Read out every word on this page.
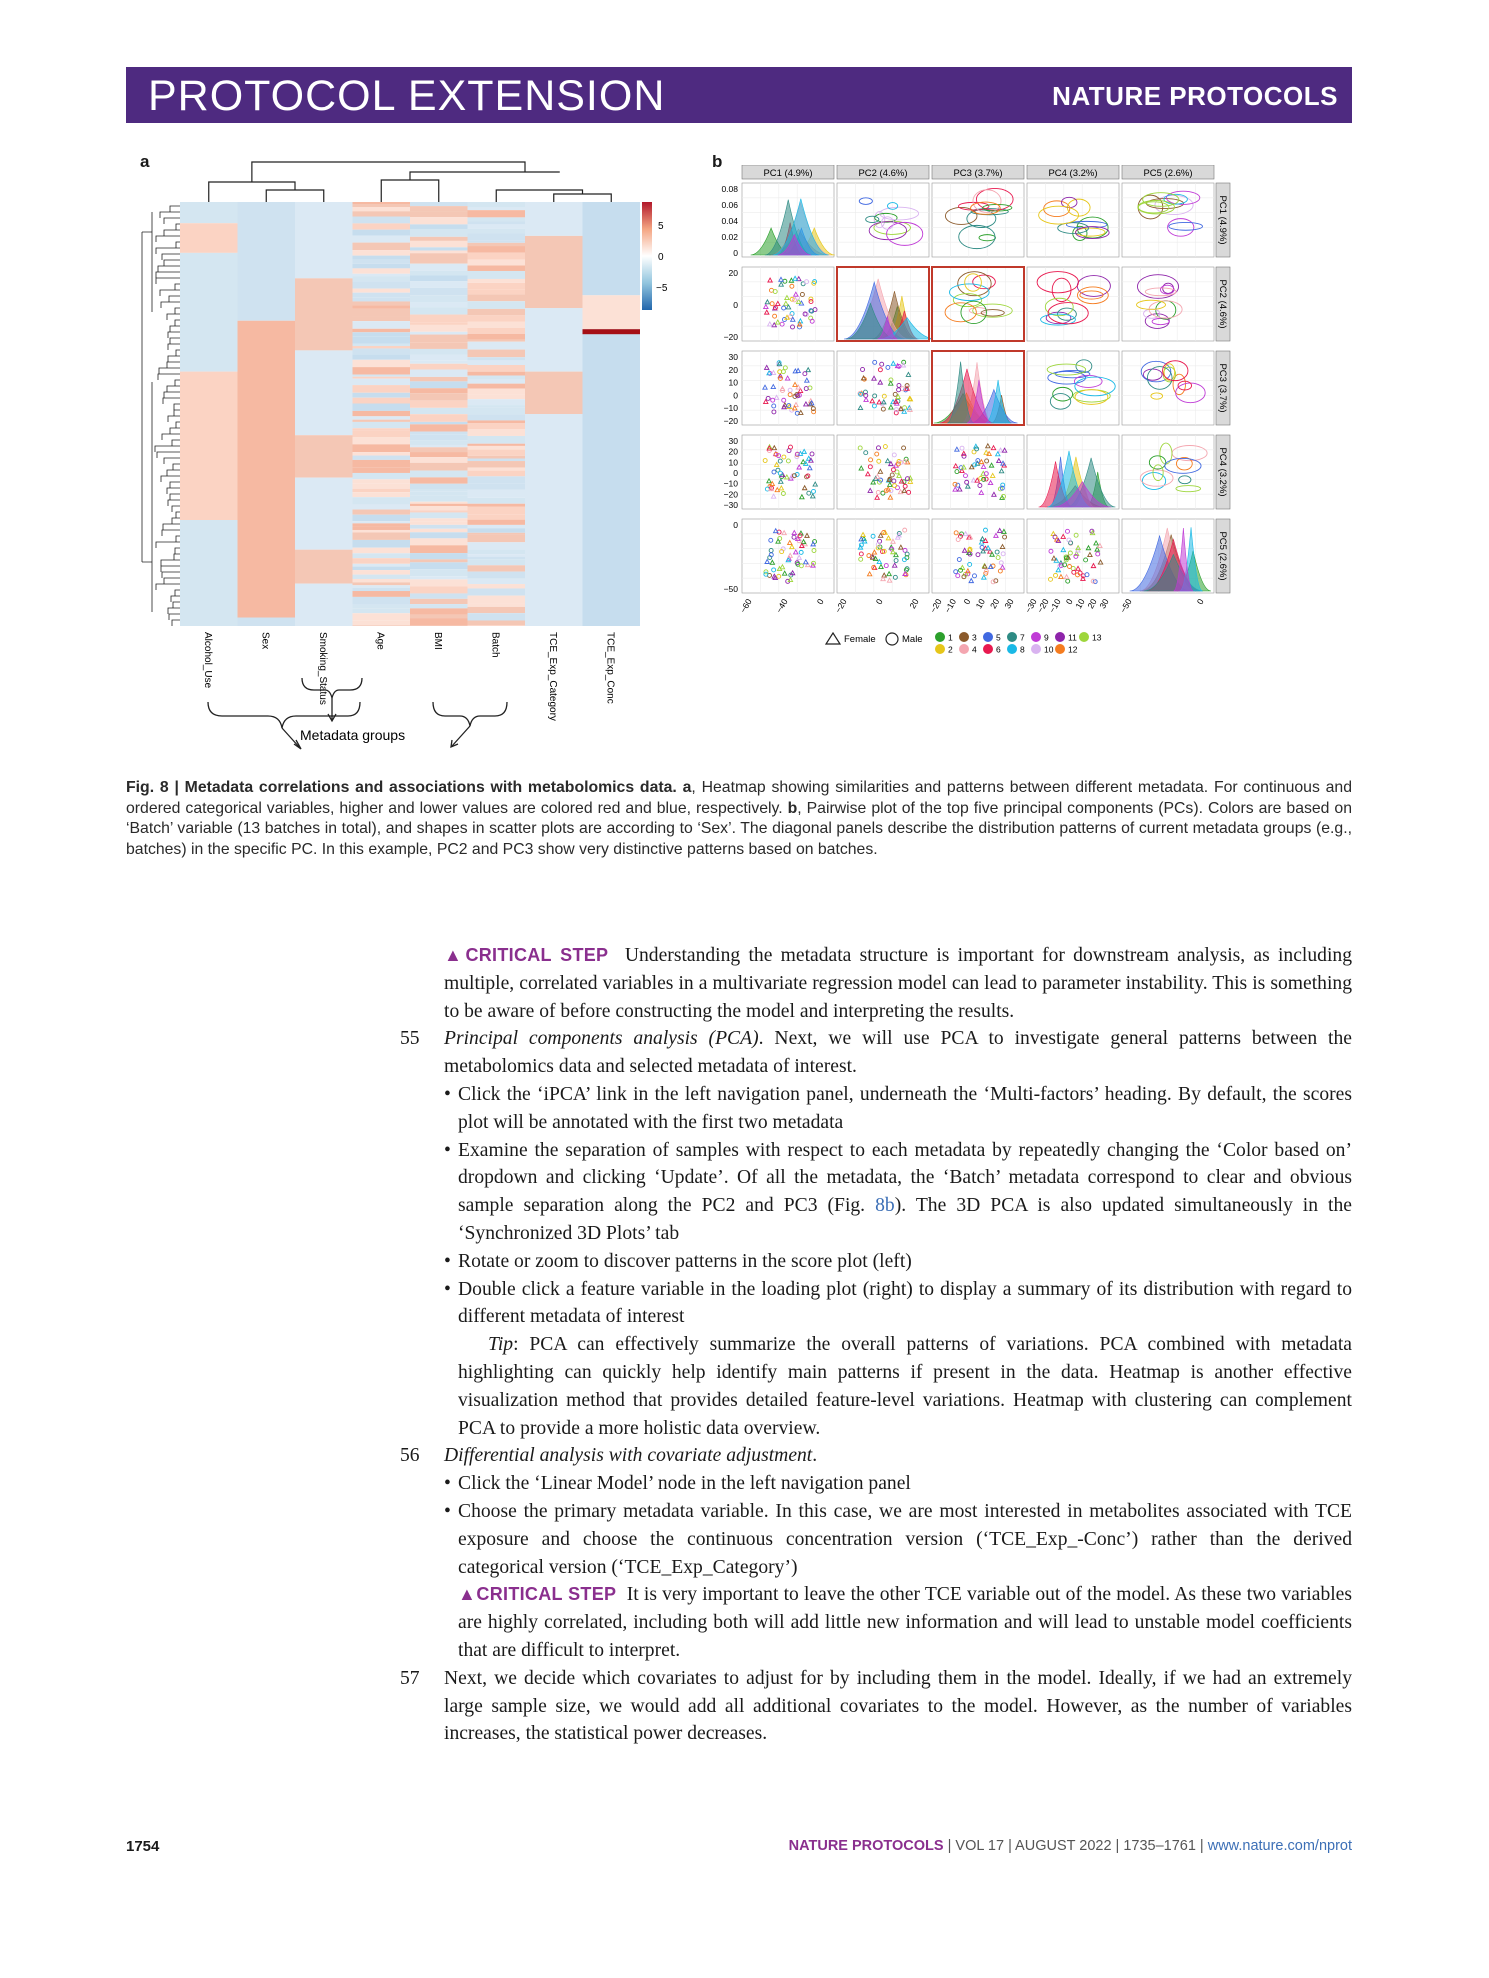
PROTOCOL EXTENSION	NATURE PROTOCOLS
a	b
5
0
−5
Alcohol_Use	Sex	Smoking_Status	Age	BMI	Batch	TCE_Exp_Category	TCE_Exp_Conc
Metadata groups
PC1 (4.9%)	PC2 (4.6%)	PC3 (3.7%)	PC4 (3.2%)	PC5 (2.6%)
PC1 (4.9%)
PC2 (4.6%)
PC3 (3.7%)
PC4 (3.2%)
PC5 (2.6%)
0.08
0.06
0.04
0.02
0
20
0
−20
30
20
10
0
−10
−20
30
20
10
0
−10
−20
−30
0
−50
−60 −40	0 −20	0	20 −20
−10 0 10 20 30 −30
−20
−10 0
10
20
30 −50	0
Female	Male	1
2
3
4
5
6
7
8
9
10
11
12
13
Fig. 8 | Metadata correlations and associations with metabolomics data. a, Heatmap showing similarities and patterns between different metadata. For continuous and ordered categorical variables, higher and lower values are colored red and blue, respectively. b, Pairwise plot of the top five principal components (PCs). Colors are based on ‘Batch’ variable (13 batches in total), and shapes in scatter plots are according to ‘Sex’. The diagonal panels describe the distribution patterns of current metadata groups (e.g., batches) in the specific PC. In this example, PC2 and PC3 show very distinctive patterns based on batches.

▲CRITICAL STEP Understanding the metadata structure is important for downstream analysis, as including multiple, correlated variables in a multivariate regression model can lead to parameter instability. This is something to be aware of before constructing the model and interpreting the results.

55 Principal components analysis (PCA). Next, we will use PCA to investigate general patterns between the metabolomics data and selected metadata of interest.

• Click the ‘iPCA’ link in the left navigation panel, underneath the ‘Multi-factors’ heading. By default, the scores plot will be annotated with the first two metadata

• Examine the separation of samples with respect to each metadata by repeatedly changing the ‘Color based on’ dropdown and clicking ‘Update’. Of all the metadata, the ‘Batch’ metadata correspond to clear and obvious sample separation along the PC2 and PC3 (Fig. 8b). The 3D PCA is also updated simultaneously in the ‘Synchronized 3D Plots’ tab

• Rotate or zoom to discover patterns in the score plot (left)

• Double click a feature variable in the loading plot (right) to display a summary of its distribution with regard to different metadata of interest

Tip: PCA can effectively summarize the overall patterns of variations. PCA combined with metadata highlighting can quickly help identify main patterns if present in the data. Heatmap is another effective visualization method that provides detailed feature-level variations. Heatmap with clustering can complement PCA to provide a more holistic data overview.

56 Differential analysis with covariate adjustment.

• Click the ‘Linear Model’ node in the left navigation panel

• Choose the primary metadata variable. In this case, we are most interested in metabolites associated with TCE exposure and choose the continuous concentration version (‘TCE_Exp_-Conc’) rather than the derived categorical version (‘TCE_Exp_Category’)

▲CRITICAL STEP It is very important to leave the other TCE variable out of the model. As these two variables are highly correlated, including both will add little new information and will lead to unstable model coefficients that are difficult to interpret.

57 Next, we decide which covariates to adjust for by including them in the model. Ideally, if we had an extremely large sample size, we would add all additional covariates to the model. However, as the number of variables increases, the statistical power decreases.

1754	NATURE PROTOCOLS | VOL 17 | AUGUST 2022 | 1735–1761 | www.nature.com/nprot
